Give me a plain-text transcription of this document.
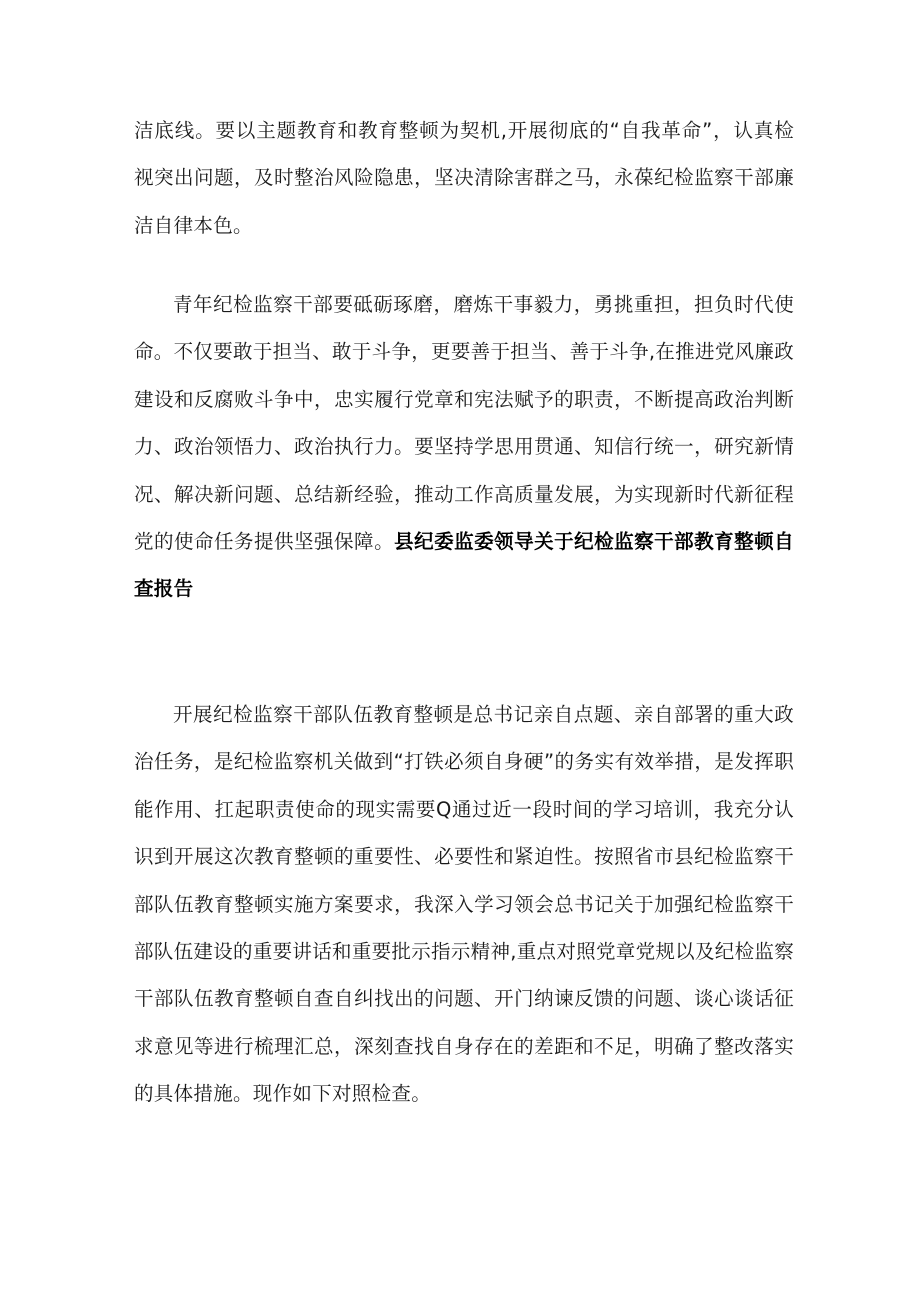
洁底线。要以主题教育和教育整顿为契机,开展彻底的“自我革命”，认真检视突出问题，及时整治风险隐患，坚决清除害群之马，永葆纪检监察干部廉洁自律本色。

青年纪检监察干部要砥砺琢磨，磨炼干事毅力，勇挑重担，担负时代使命。不仅要敢于担当、敢于斗争，更要善于担当、善于斗争,在推进党风廉政建设和反腐败斗争中，忠实履行党章和宪法赋予的职责，不断提高政治判断力、政治领悟力、政治执行力。要坚持学思用贯通、知信行统一，研究新情况、解决新问题、总结新经验，推动工作高质量发展，为实现新时代新征程党的使命任务提供坚强保障。县纪委监委领导关于纪检监察干部教育整顿自查报告

开展纪检监察干部队伍教育整顿是总书记亲自点题、亲自部署的重大政治任务，是纪检监察机关做到“打铁必须自身硬”的务实有效举措，是发挥职能作用、扛起职责使命的现实需要Q通过近一段时间的学习培训，我充分认识到开展这次教育整顿的重要性、必要性和紧迫性。按照省市县纪检监察干部队伍教育整顿实施方案要求，我深入学习领会总书记关于加强纪检监察干部队伍建设的重要讲话和重要批示指示精神,重点对照党章党规以及纪检监察干部队伍教育整顿自查自纠找出的问题、开门纳谏反馈的问题、谈心谈话征求意见等进行梳理汇总，深刻查找自身存在的差距和不足，明确了整改落实的具体措施。现作如下对照检查。
